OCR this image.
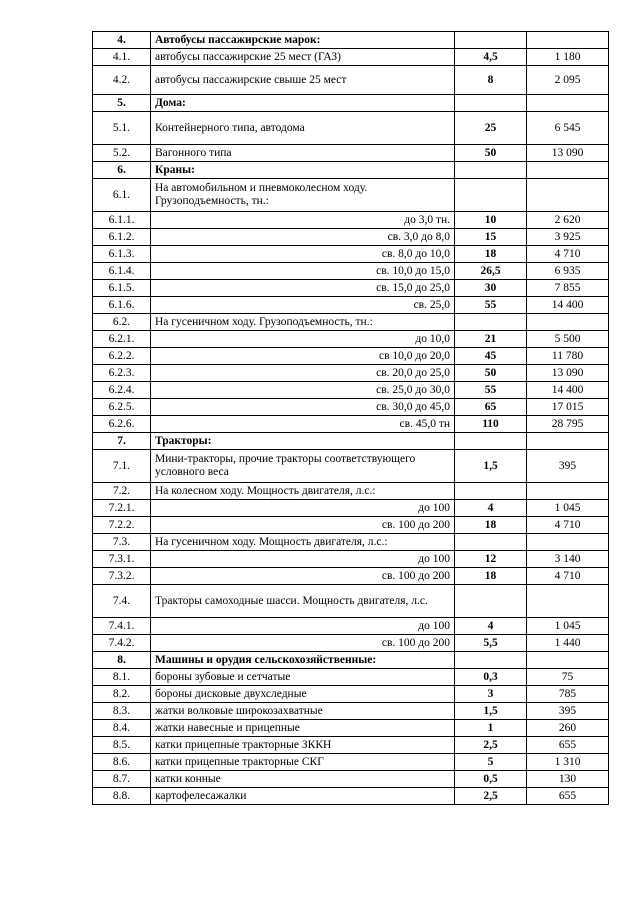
4.	Автобусы пассажирские марок:		
4.1.	автобусы пассажирские 25 мест (ГАЗ)	4,5	1 180
4.2.	автобусы пассажирские свыше 25 мест	8	2 095
5.	Дома:		
5.1.	Контейнерного типа, автодома	25	6 545
5.2.	Вагонного типа	50	13 090
6.	Краны:		
6.1.	На автомобильном и пневмоколесном ходу. Грузоподъемность, тн.:		
6.1.1.	до 3,0 тн.	10	2 620
6.1.2.	св. 3,0 до 8,0	15	3 925
6.1.3.	св. 8,0 до 10,0	18	4 710
6.1.4.	св. 10,0 до 15,0	26,5	6 935
6.1.5.	св. 15,0 до 25,0	30	7 855
6.1.6.	св. 25,0	55	14 400
6.2.	На гусеничном ходу. Грузоподъемность, тн.:		
6.2.1.	до 10,0	21	5 500
6.2.2.	св 10,0 до 20,0	45	11 780
6.2.3.	св. 20,0 до 25,0	50	13 090
6.2.4.	св. 25,0 до 30,0	55	14 400
6.2.5.	св. 30,0 до 45,0	65	17 015
6.2.6.	св. 45,0 тн	110	28 795
7.	Тракторы:		
7.1.	Мини-тракторы, прочие тракторы соответствующего условного веса	1,5	395
7.2.	На колесном ходу. Мощность двигателя, л.с.:		
7.2.1.	до 100	4	1 045
7.2.2.	св. 100 до 200	18	4 710
7.3.	На гусеничном ходу. Мощность двигателя, л.с.:		
7.3.1.	до 100	12	3 140
7.3.2.	св. 100 до 200	18	4 710
7.4.	Тракторы самоходные шасси. Мощность двигателя, л.с.		
7.4.1.	до 100	4	1 045
7.4.2.	св. 100 до 200	5,5	1 440
8.	Машины и орудия сельскохозяйственные:		
8.1.	бороны зубовые и сетчатые	0,3	75
8.2.	бороны дисковые двухследные	3	785
8.3.	жатки волковые широкозахватные	1,5	395
8.4.	жатки навесные и прицепные	1	260
8.5.	катки прицепные тракторные ЗККН	2,5	655
8.6.	катки прицепные тракторные СКГ	5	1 310
8.7.	катки конные	0,5	130
8.8.	картофелесажалки	2,5	655
